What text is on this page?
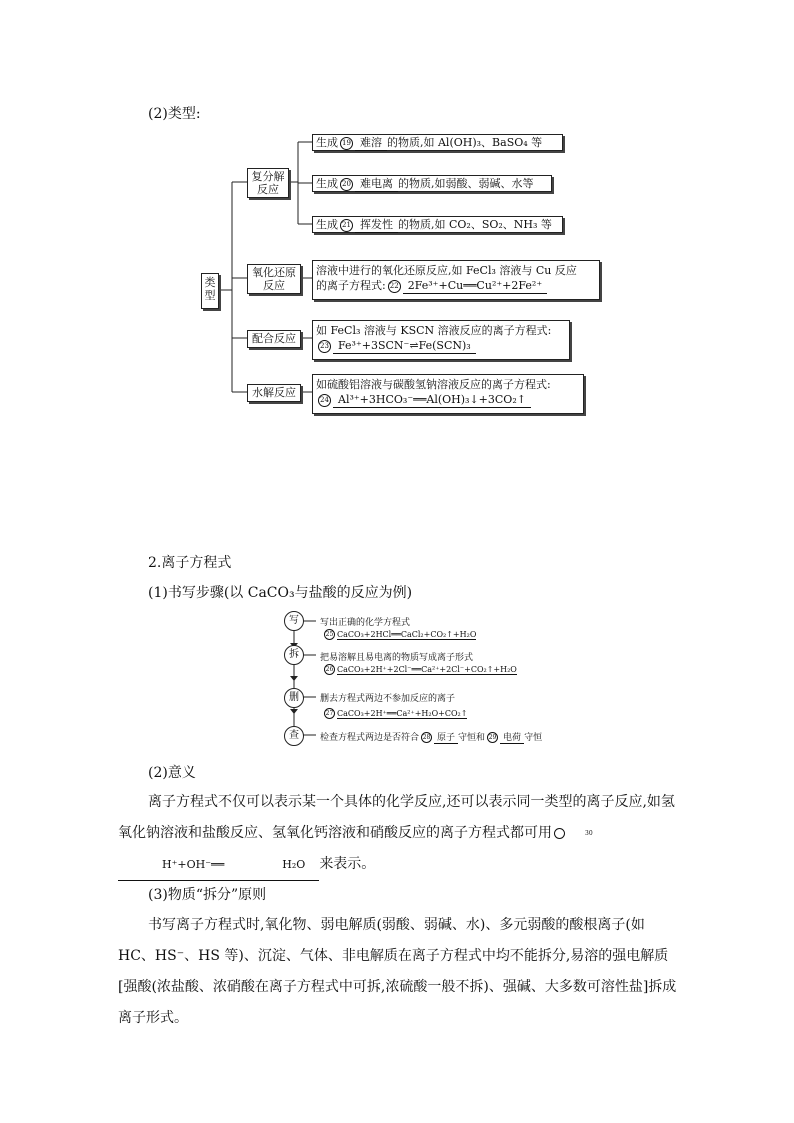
(2)类型:
类型
复分解反应
氧化还原反应
配合反应
水解反应
生成 19 难溶 的物质,如 Al(OH)₃、BaSO₄ 等
生成 20 难电离 的物质,如弱酸、弱碱、水等
生成 21 挥发性 的物质,如 CO₂、SO₂、NH₃ 等
溶液中进行的氧化还原反应,如 FeCl₃ 溶液与 Cu 反应
的离子方程式: 22 2Fe³⁺+Cu══Cu²⁺+2Fe²⁺
如 FeCl₃ 溶液与 KSCN 溶液反应的离子方程式:
23 Fe³⁺+3SCN⁻⇌Fe(SCN)₃
如硫酸铝溶液与碳酸氢钠溶液反应的离子方程式:
24 Al³⁺+3HCO₃⁻══Al(OH)₃↓+3CO₂↑
2.离子方程式
(1)书写步骤(以 CaCO₃与盐酸的反应为例)
写
拆
删
查
写出正确的化学方程式
25 CaCO₃+2HCl══CaCl₂+CO₂↑+H₂O
把易溶解且易电离的物质写成离子形式
26 CaCO₃+2H⁺+2Cl⁻══Ca²⁺+2Cl⁻+CO₂↑+H₂O
删去方程式两边不参加反应的离子
27 CaCO₃+2H⁺══Ca²⁺+H₂O+CO₂↑
检查方程式两边是否符合 28 原子 守恒和 29 电荷 守恒
(2)意义
离子方程式不仅可以表示某一个具体的化学反应,还可以表示同一类型的离子反应,如氢氧化钠溶液和盐酸反应、氢氧化钙溶液和硝酸反应的离子方程式都可用	30H⁺+OH⁻══	H₂O 来表示。
(3)物质“拆分”原则
书写离子方程式时,氧化物、弱电解质(弱酸、弱碱、水)、多元弱酸的酸根离子(如 HC、HS⁻、HS 等)、沉淀、气体、非电解质在离子方程式中均不能拆分,易溶的强电解质[强酸(浓盐酸、浓硝酸在离子方程式中可拆,浓硫酸一般不拆)、强碱、大多数可溶性盐]拆成离子形式。
